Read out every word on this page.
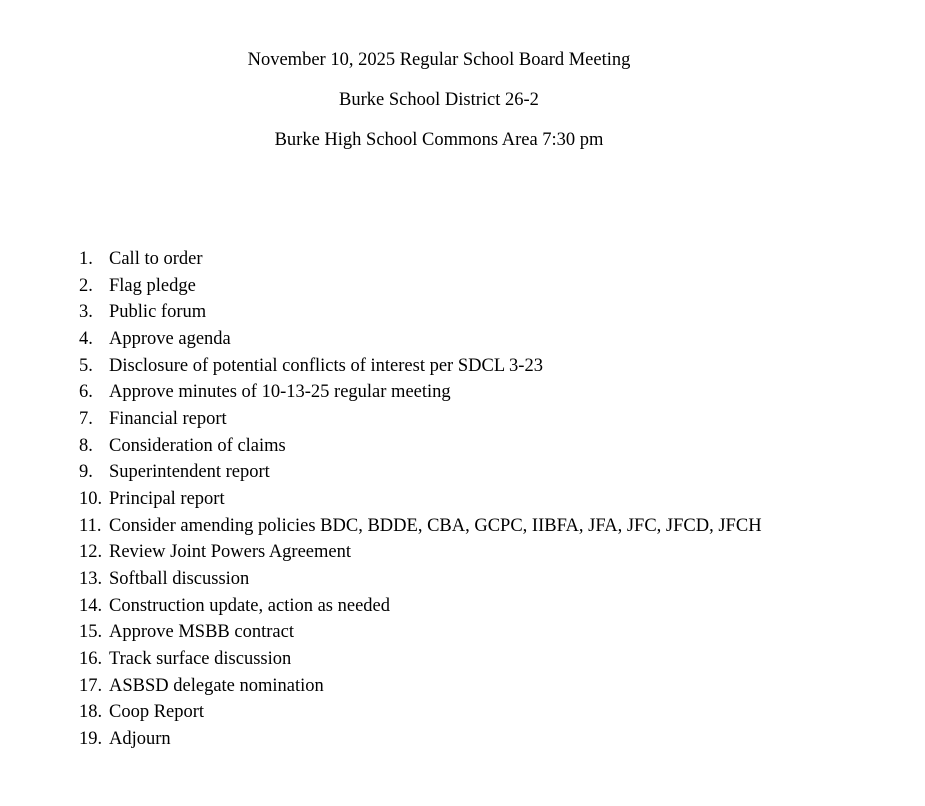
November 10, 2025 Regular School Board Meeting
Burke School District 26-2
Burke High School Commons Area 7:30 pm
1. Call to order
2. Flag pledge
3. Public forum
4. Approve agenda
5. Disclosure of potential conflicts of interest per SDCL 3-23
6. Approve minutes of 10-13-25 regular meeting
7. Financial report
8. Consideration of claims
9. Superintendent report
10. Principal report
11. Consider amending policies BDC, BDDE, CBA, GCPC, IIBFA, JFA, JFC, JFCD, JFCH
12. Review Joint Powers Agreement
13. Softball discussion
14. Construction update, action as needed
15. Approve MSBB contract
16. Track surface discussion
17. ASBSD delegate nomination
18. Coop Report
19. Adjourn
